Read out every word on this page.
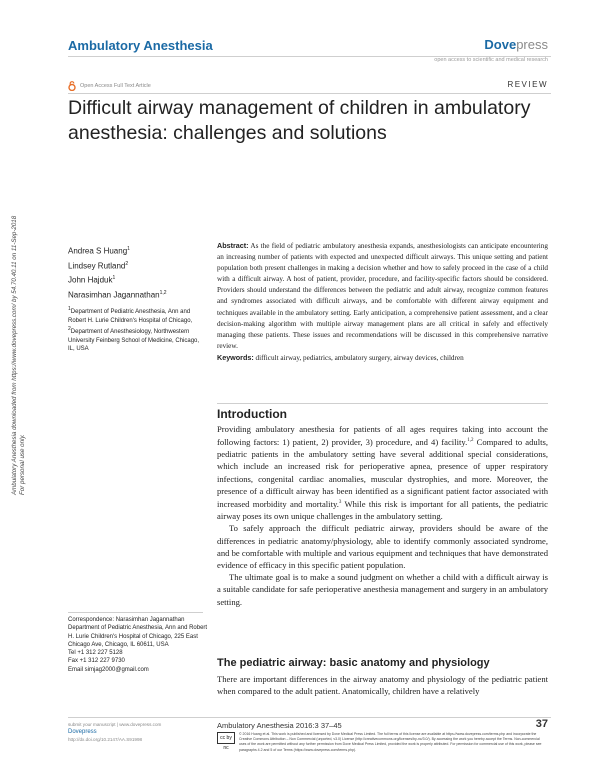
Ambulatory Anesthesia	Dovepress
open access to scientific and medical research
Open Access Full Text Article	REVIEW
Difficult airway management of children in ambulatory anesthesia: challenges and solutions
Ambulatory Anesthesia downloaded from https://www.dovepress.com/ by 54.70.40.11 on 11-Sep-2018
For personal use only.
Andrea S Huang$^1$
Lindsey Rutland$^2$
John Hajduk$^1$
Narasimhan Jagannathan$^{1,2}$
$^1$Department of Pediatric Anesthesia, Ann and Robert H. Lurie Children's Hospital of Chicago, $^2$Department of Anesthesiology, Northwestern University Feinberg School of Medicine, Chicago, IL, USA
Abstract: As the field of pediatric ambulatory anesthesia expands, anesthesiologists can anticipate encountering an increasing number of patients with expected and unexpected difficult airways. This unique setting and patient population both present challenges in making a decision whether and how to safely proceed in the case of a child with a difficult airway. A host of patient, provider, procedure, and facility-specific factors should be considered. Providers should understand the differences between the pediatric and adult airway, recognize common features and syndromes associated with difficult airways, and be comfortable with different airway equipment and techniques available in the ambulatory setting. Early anticipation, a comprehensive patient assessment, and a clear decision-making algorithm with multiple airway management plans are all critical in safely and effectively managing these patients. These issues and recommendations will be discussed in this comprehensive narrative review.
Keywords: difficult airway, pediatrics, ambulatory surgery, airway devices, children
Introduction

Providing ambulatory anesthesia for patients of all ages requires taking into account the following factors: 1) patient, 2) provider, 3) procedure, and 4) facility.$^{1,2}$ Compared to adults, pediatric patients in the ambulatory setting have several additional special considerations, which include an increased risk for perioperative apnea, presence of upper respiratory infections, congenital cardiac anomalies, muscular dystrophies, and more. Moreover, the presence of a difficult airway has been identified as a significant patient factor associated with increased morbidity and mortality.$^3$ While this risk is important for all patients, the pediatric airway poses its own unique challenges in the ambulatory setting.

To safely approach the difficult pediatric airway, providers should be aware of the differences in pediatric anatomy/physiology, able to identify commonly associated syndrome, and be comfortable with multiple and various equipment and techniques that have demonstrated evidence of efficacy in this specific patient population.

The ultimate goal is to make a sound judgment on whether a child with a difficult airway is a suitable candidate for safe perioperative anesthesia management and surgery in an ambulatory setting.

The pediatric airway: basic anatomy and physiology
There are important differences in the airway anatomy and physiology of the pediatric patient when compared to the adult patient. Anatomically, children have a relatively
Correspondence: Narasimhan Jagannathan
Department of Pediatric Anesthesia, Ann and Robert H. Lurie Children's Hospital of Chicago, 225 East Chicago Ave, Chicago, IL 60611, USA
Tel +1 312 227 5128
Fax +1 312 227 9730
Email simjag2000@gmail.com
submit your manuscript | www.dovepress.com
Dovepress
http://dx.doi.org/10.2147/AA.S91998
Ambulatory Anesthesia 2016:3 37–45	37
cc by nc
© 2016 Huang et al. This work is published and licensed by Dove Medical Press Limited. The full terms of this license are available at https://www.dovepress.com/terms.php and incorporate the Creative Commons Attribution – Non Commercial (unported, v3.0) License (http://creativecommons.org/licenses/by-nc/3.0/). By accessing the work you hereby accept the Terms. Non-commercial uses of the work are permitted without any further permission from Dove Medical Press Limited, provided the work is properly attributed. For permission for commercial use of this work, please see paragraphs 4.2 and 5 of our Terms (https://www.dovepress.com/terms.php).
